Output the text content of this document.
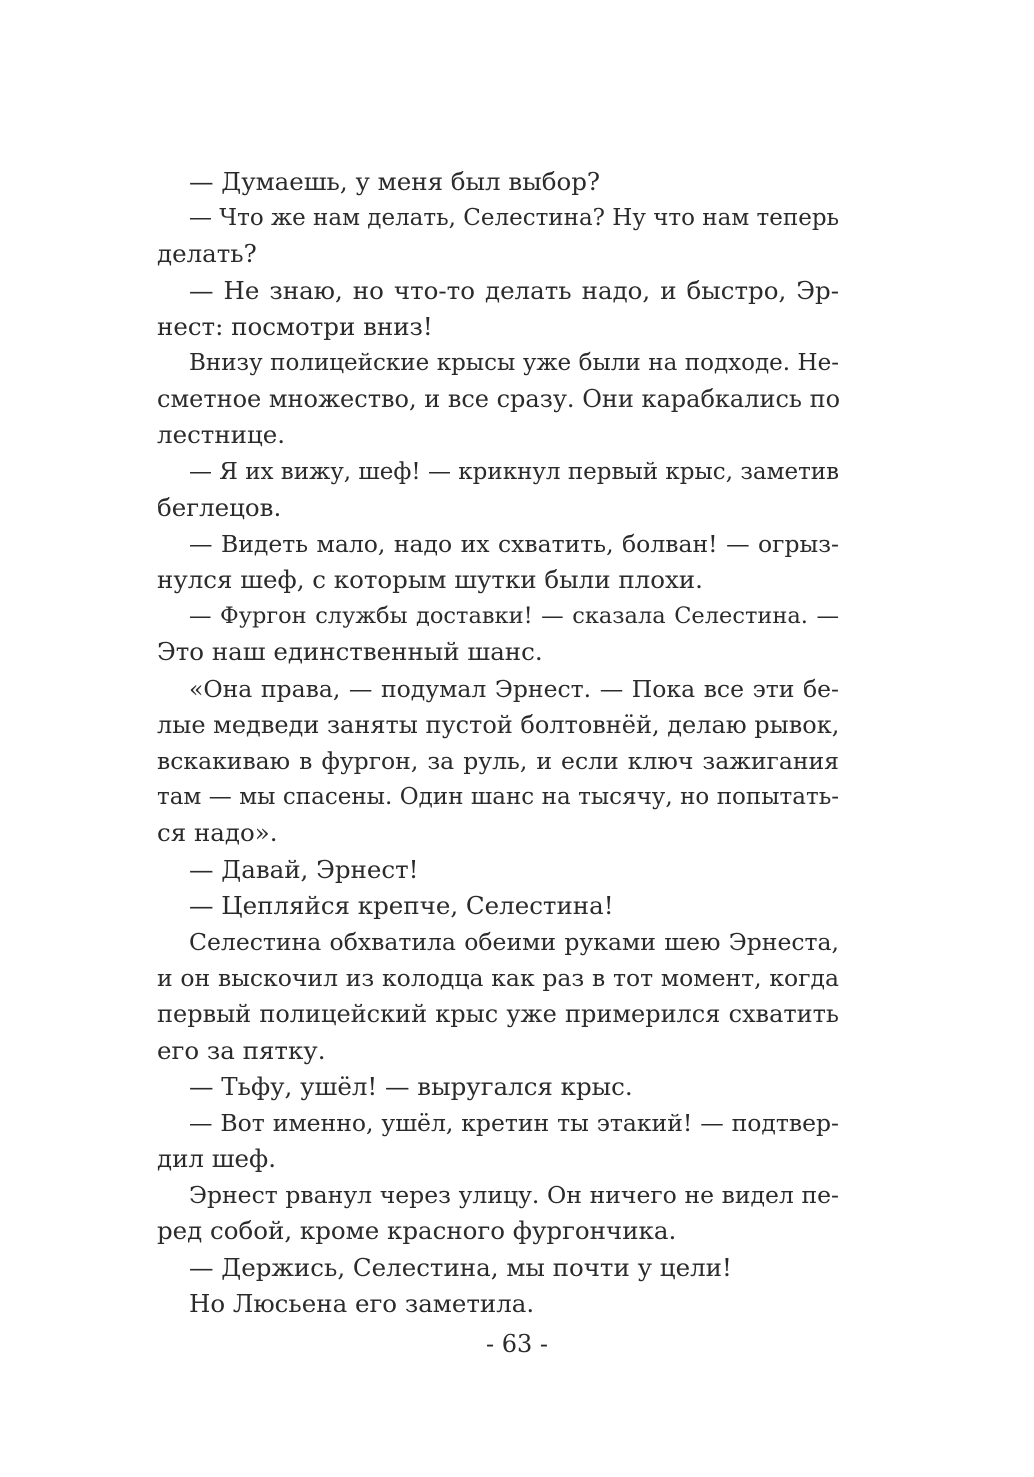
— Думаешь, у меня был выбор?
— Что же нам делать, Селестина? Ну что нам теперь
делать?
— Не знаю, но что-то делать надо, и быстро, Эр-
нест: посмотри вниз!
Внизу полицейские крысы уже были на подходе. Не-
сметное множество, и все сразу. Они карабкались по
лестнице.
— Я их вижу, шеф! — крикнул первый крыс, заметив
беглецов.
— Видеть мало, надо их схватить, болван! — огрыз-
нулся шеф, с которым шутки были плохи.
— Фургон службы доставки! — сказала Селестина. —
Это наш единственный шанс.
«Она права, — подумал Эрнест. — Пока все эти бе-
лые медведи заняты пустой болтовнёй, делаю рывок,
вскакиваю в фургон, за руль, и если ключ зажигания
там — мы спасены. Один шанс на тысячу, но попытать-
ся надо».
— Давай, Эрнест!
— Цепляйся крепче, Селестина!
Селестина обхватила обеими руками шею Эрнеста,
и он выскочил из колодца как раз в тот момент, когда
первый полицейский крыс уже примерился схватить
его за пятку.
— Тьфу, ушёл! — выругался крыс.
— Вот именно, ушёл, кретин ты этакий! — подтвер-
дил шеф.
Эрнест рванул через улицу. Он ничего не видел пе-
ред собой, кроме красного фургончика.
— Держись, Селестина, мы почти у цели!
Но Люсьена его заметила.
- 63 -
